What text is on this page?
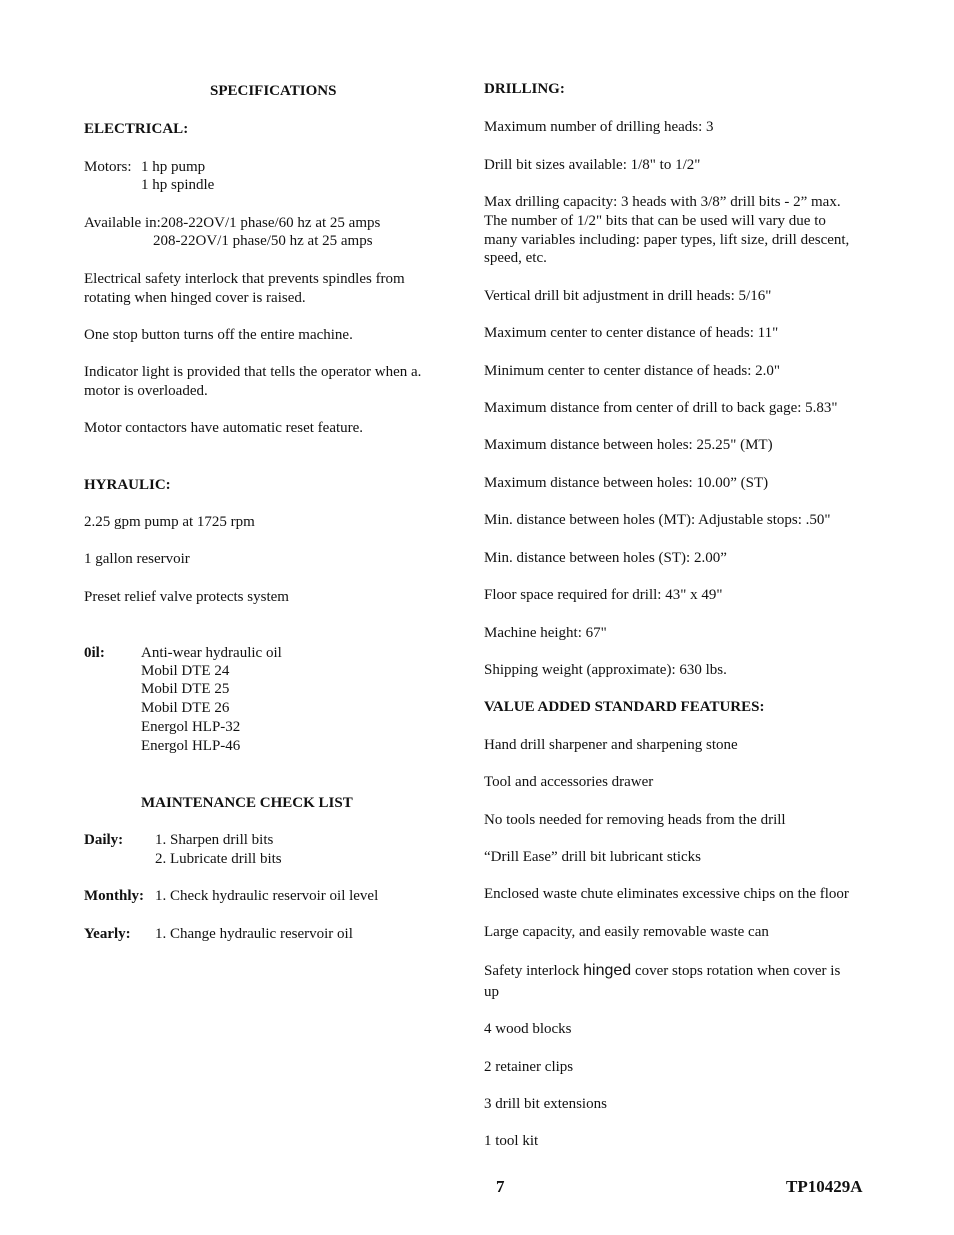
SPECIFICATIONS
ELECTRICAL:
Motors: 1 hp pump
1 hp spindle
Available in:208-22OV/1 phase/60 hz at 25 amps
208-22OV/1 phase/50 hz at 25 amps
Electrical safety interlock that prevents spindles from
rotating when hinged cover is raised.
One stop button turns off the entire machine.
Indicator light is provided that tells the operator when a.
motor is overloaded.
Motor contactors have automatic reset feature.
HYRAULIC:
2.25 gpm pump at 1725 rpm
1 gallon reservoir
Preset relief valve protects system
0il: Anti-wear hydraulic oil
Mobil DTE 24
Mobil DTE 25
Mobil DTE 26
Energol HLP-32
Energol HLP-46
MAINTENANCE CHECK LIST
Daily: 1. Sharpen drill bits
2. Lubricate drill bits
Monthly: 1. Check hydraulic reservoir oil level
Yearly: 1. Change hydraulic reservoir oil
DRILLING:
Maximum number of drilling heads: 3
Drill bit sizes available: 1/8" to 1/2"
Max drilling capacity: 3 heads with 3/8” drill bits - 2” max.
The number of 1/2" bits that can be used will vary due to
many variables including: paper types, lift size, drill descent,
speed, etc.
Vertical drill bit adjustment in drill heads: 5/16"
Maximum center to center distance of heads: 11"
Minimum center to center distance of heads: 2.0"
Maximum distance from center of drill to back gage: 5.83"
Maximum distance between holes: 25.25" (MT)
Maximum distance between holes: 10.00” (ST)
Min. distance between holes (MT): Adjustable stops: .50"
Min. distance between holes (ST): 2.00”
Floor space required for drill: 43" x 49"
Machine height: 67"
Shipping weight (approximate): 630 lbs.
VALUE ADDED STANDARD FEATURES:
Hand drill sharpener and sharpening stone
Tool and accessories drawer
No tools needed for removing heads from the drill
“Drill Ease” drill bit lubricant sticks
Enclosed waste chute eliminates excessive chips on the floor
Large capacity, and easily removable waste can
Safety interlock hinged cover stops rotation when cover is
up
4 wood blocks
2 retainer clips
3 drill bit extensions
1 tool kit
7	TP10429A
